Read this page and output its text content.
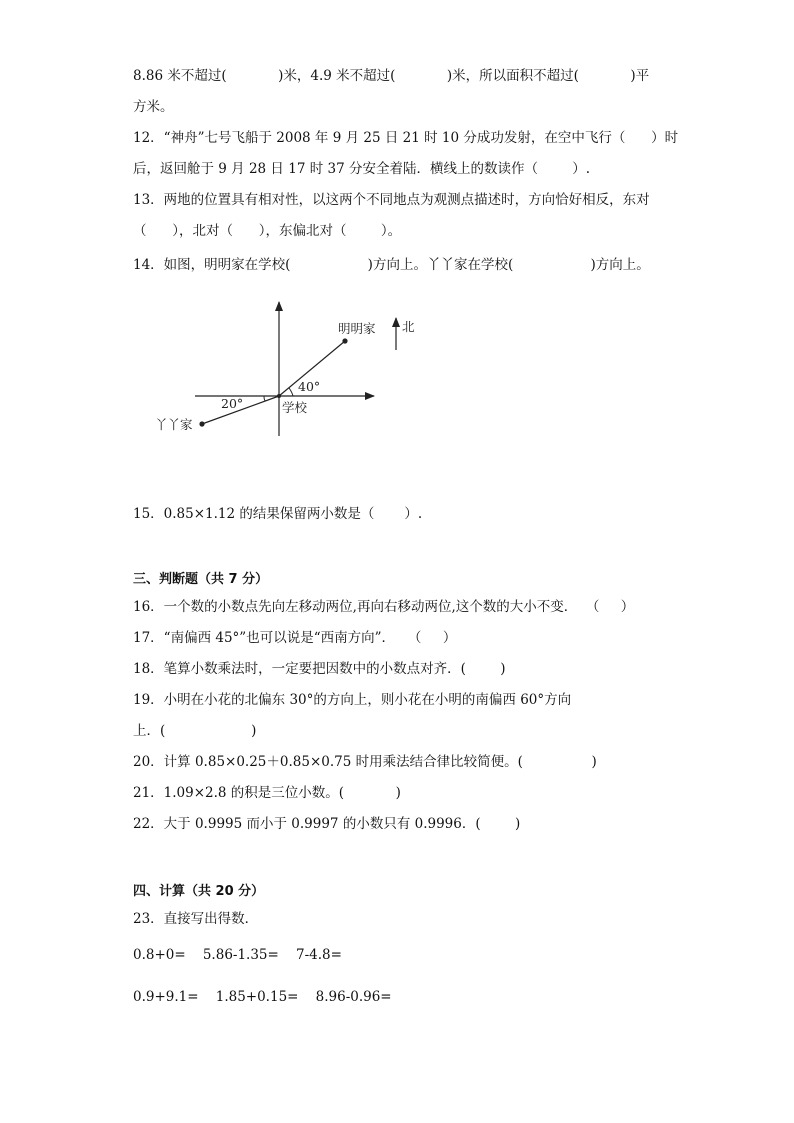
8.86 米不超过(            )米，4.9 米不超过(            )米，所以面积不超过(            )平
方米。
12．“神舟”七号飞船于 2008 年 9 月 25 日 21 时 10 分成功发射，在空中飞行（      ）时
后，返回舱于 9 月 28 日 17 时 37 分安全着陆．横线上的数读作（        ）.
13．两地的位置具有相对性，以这两个不同地点为观测点描述时，方向恰好相反，东对
（      ），北对（      ），东偏北对（        ）。
14．如图，明明家在学校(                  )方向上。丫丫家在学校(                  )方向上。
明明家
丫丫家
学校
北
40°
20°
15．0.85×1.12 的结果保留两小数是（       ）.
三、判断题（共 7 分）
16．一个数的小数点先向左移动两位,再向右移动两位,这个数的大小不变．  （     ）
17．“南偏西 45°”也可以说是“西南方向”．   （     ）
18．笔算小数乘法时，一定要把因数中的小数点对齐．(        )
19．小明在小花的北偏东 30°的方向上，则小花在小明的南偏西 60°方向
上．(                    )
20．计算 0.85×0.25＋0.85×0.75 时用乘法结合律比较简便。(                )
21．1.09×2.8 的积是三位小数。(            )
22．大于 0.9995 而小于 0.9997 的小数只有 0.9996．(        )
四、计算（共 20 分）
23．直接写出得数．
0.8+0=    5.86-1.35=    7-4.8=
0.9+9.1=    1.85+0.15=    8.96-0.96=
